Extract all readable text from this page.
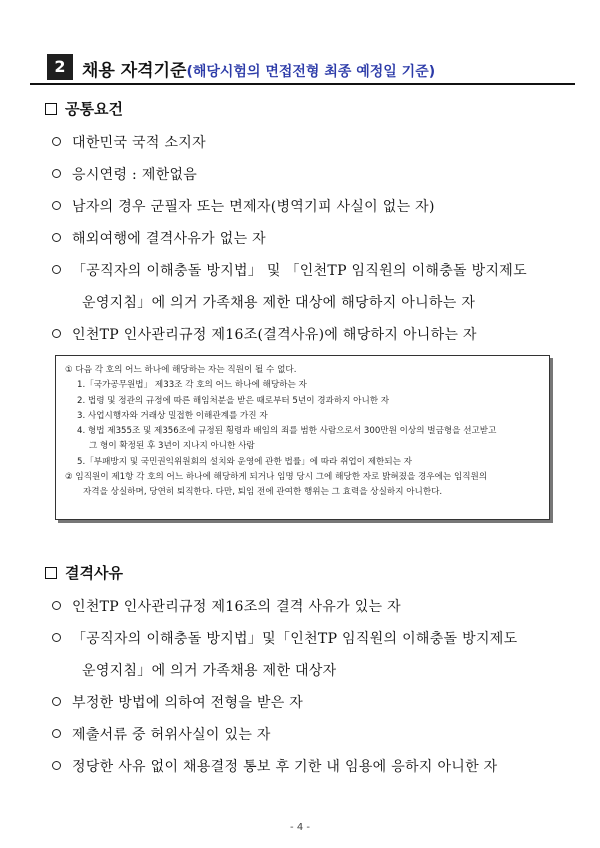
2 채용 자격기준(해당시험의 면접전형 최종 예정일 기준)
공통요건
대한민국 국적 소지자
응시연령 : 제한없음
남자의 경우 군필자 또는 면제자(병역기피 사실이 없는 자)
해외여행에 결격사유가 없는 자
「공직자의 이해충돌 방지법」 및 「인천TP 임직원의 이해충돌 방지제도
운영지침」에 의거 가족채용 제한 대상에 해당하지 아니하는 자
인천TP 인사관리규정 제16조(결격사유)에 해당하지 아니하는 자
① 다음 각 호의 어느 하나에 해당하는 자는 직원이 될 수 없다.
1.「국가공무원법」 제33조 각 호의 어느 하나에 해당하는 자
2. 법령 및 정관의 규정에 따른 해임처분을 받은 때로부터 5년이 경과하지 아니한 자
3. 사업시행자와 거래상 밀접한 이해관계를 가진 자
4. 형법 제355조 및 제356조에 규정된 횡령과 배임의 죄를 범한 사람으로서 300만원 이상의 벌금형을 선고받고
그 형이 확정된 후 3년이 지나지 아니한 사람
5.「부패방지 및 국민권익위원회의 설치와 운영에 관한 법률」에 따라 취업이 제한되는 자
② 임직원이 제1항 각 호의 어느 하나에 해당하게 되거나 임명 당시 그에 해당한 자로 밝혀졌을 경우에는 임직원의
자격을 상실하며, 당연히 퇴직한다. 다만, 퇴임 전에 관여한 행위는 그 효력을 상실하지 아니한다.
결격사유
인천TP 인사관리규정 제16조의 결격 사유가 있는 자
「공직자의 이해충돌 방지법」및「인천TP 임직원의 이해충돌 방지제도
운영지침」에 의거 가족채용 제한 대상자
부정한 방법에 의하여 전형을 받은 자
제출서류 중 허위사실이 있는 자
정당한 사유 없이 채용결정 통보 후 기한 내 임용에 응하지 아니한 자
- 4 -
